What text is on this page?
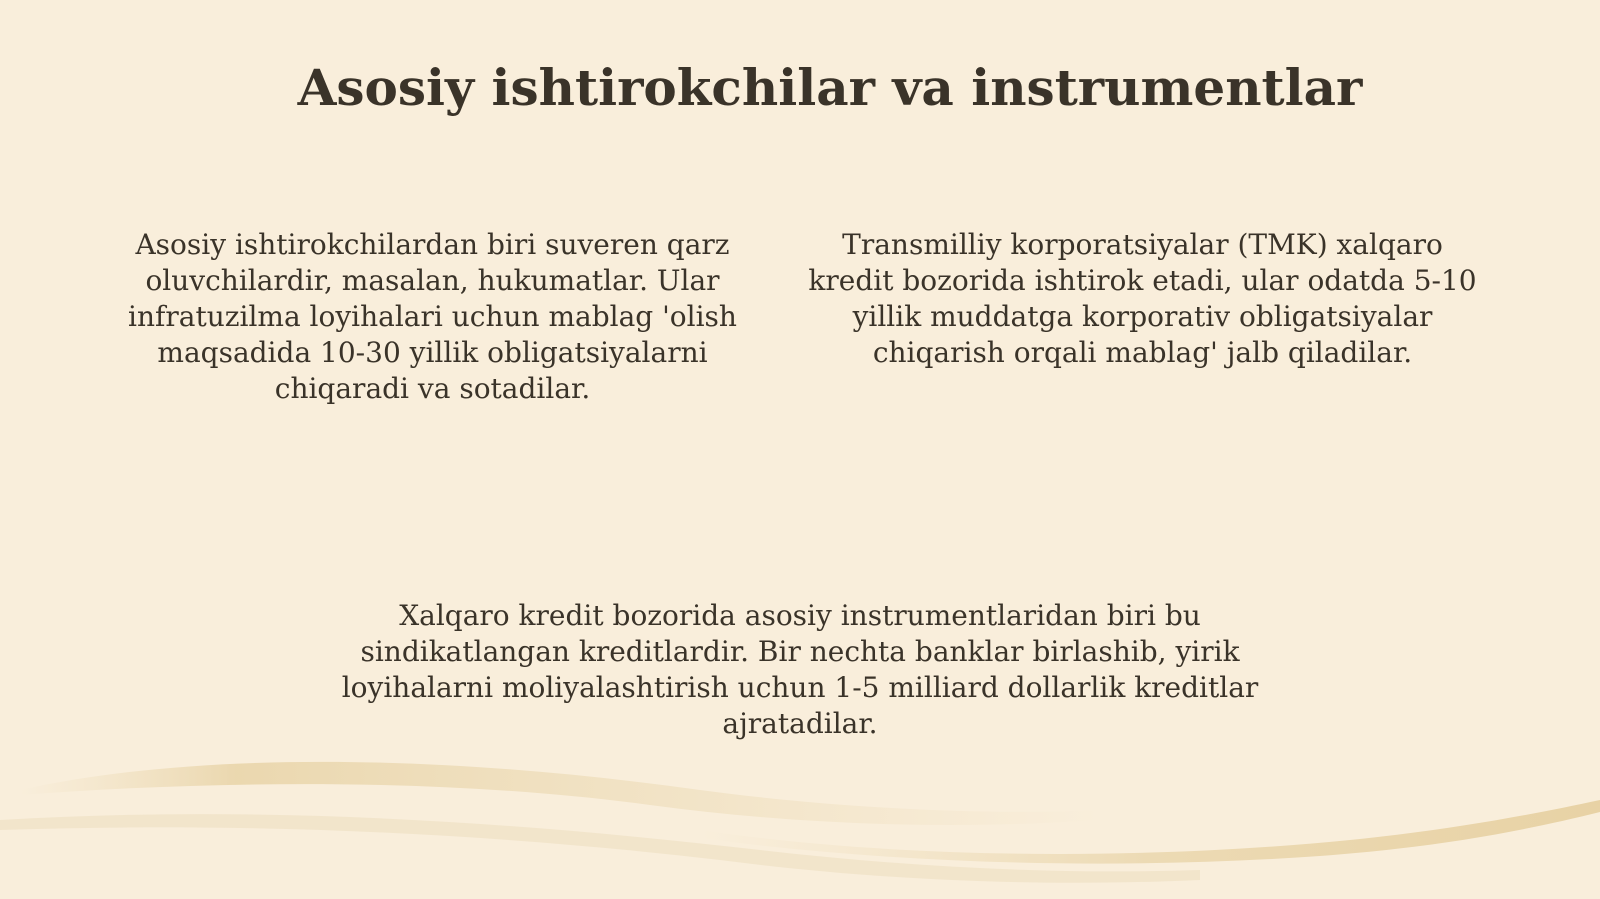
Asosiy ishtirokchilar va instrumentlar

Asosiy ishtirokchilardan biri suveren qarz oluvchilardir, masalan, hukumatlar. Ular infratuzilma loyihalari uchun mablag 'olish maqsadida 10-30 yillik obligatsiyalarni chiqaradi va sotadilar.

Transmilliy korporatsiyalar (TMK) xalqaro kredit bozorida ishtirok etadi, ular odatda 5-10 yillik muddatga korporativ obligatsiyalar chiqarish orqali mablag' jalb qiladilar.

Xalqaro kredit bozorida asosiy instrumentlaridan biri bu sindikatlangan kreditlardir. Bir nechta banklar birlashib, yirik loyihalarni moliyalashtirish uchun 1-5 milliard dollarlik kreditlar ajratadilar.
